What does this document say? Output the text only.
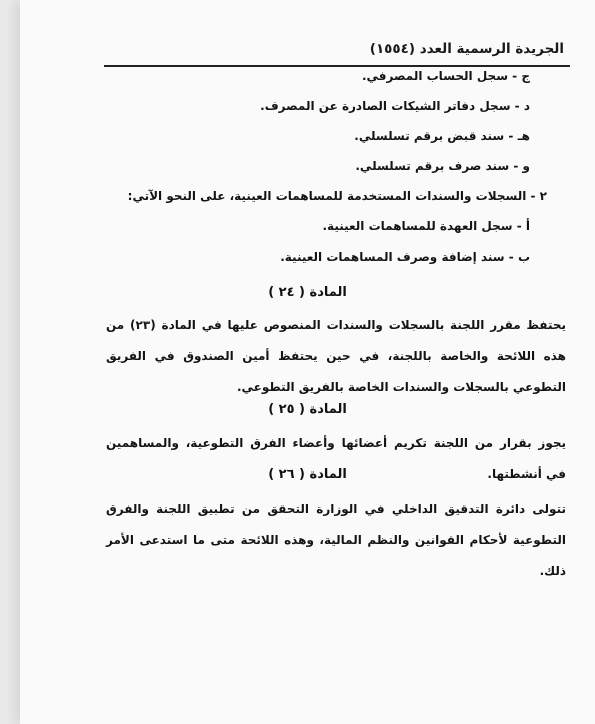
الجريدة الرسمية العدد (١٥٥٤)
ج - سجل الحساب المصرفي.
د - سجل دفاتر الشيكات الصادرة عن المصرف.
هـ - سند قبض برقم تسلسلي.
و - سند صرف برقم تسلسلي.
٢ - السجلات والسندات المستخدمة للمساهمات العينية، على النحو الآتي:
أ - سجل العهدة للمساهمات العينية.
ب - سند إضافة وصرف المساهمات العينية.
المادة ( ٢٤ )
يحتفظ مقرر اللجنة بالسجلات والسندات المنصوص عليها في المادة (٢٣) من هذه اللائحة والخاصة باللجنة، في حين يحتفظ أمين الصندوق في الفريق التطوعي بالسجلات والسندات الخاصة بالفريق التطوعي.
المادة ( ٢٥ )
يجوز بقرار من اللجنة تكريم أعضائها وأعضاء الفرق التطوعية، والمساهمين في أنشطتها.
المادة ( ٢٦ )
تتولى دائرة التدقيق الداخلي في الوزارة التحقق من تطبيق اللجنة والفرق التطوعية لأحكام القوانين والنظم المالية، وهذه اللائحة متى ما استدعى الأمر ذلك.
